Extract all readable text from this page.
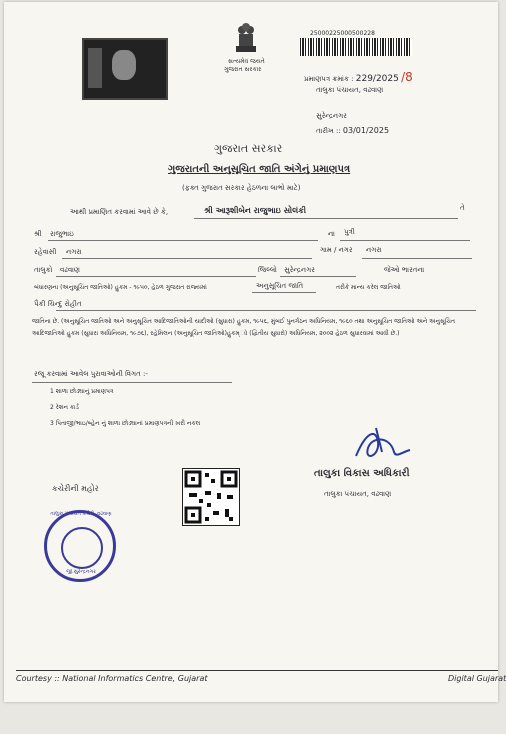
સત્યમેવ જયતે
ગુજરાત સરકાર
25000225000500228
પ્રમાણપત્ર ક્રમાંક : 229/2025 /8
તાલુકા પંચાયત, વઢવાણ
સુરેન્દ્રનગર
તારીખ :: 03/01/2025
ગુજરાત સરકાર
ગુજરાતની અનુસૂચિત જાતિ અંગેનું પ્રમાણપત્ર
(ફક્ત ગુજરાત સરકાર હેઠળના લાભો માટે)
આથી પ્રમાણિત કરવામાં આવે છે કે,	શ્રી આરૂશીબેન રાજુભાઇ સોલંકી	તે
શ્રી રાજુભાઇ	ના પુત્રી
રહેવાસી નગરા	ગામ / નગર નગરા
તાલુકો વઢવાણ	જિલ્લો સુરેન્દ્રનગર	જેઓ ભારતના
બંધારણના (અનુસૂચિત જાતિઓ) હુકમ - ૧૯૫૦, હેઠળ ગુજરાત રાજ્યમાં	અનુસૂચિત જાતિ	તરીકે માન્ય કરેલ જાતિઓ
પૈકી ચિન્દુ રોહીત
જાતિના છે. (અનુસૂચિત જાતિઓ અને અનુસૂચિત આદિજાતિઓની યાદીઓ (સુધારા) હુકમ, ૧૯૫૬, મુંબઈ પુનર્ગઠન અધિનિયમ, ૧૯૬૦ તથા અનુસૂચિત જાતિઓ અને અનુસૂચિત આદિજાતિઓ હુકમ (સુધારા અધિનિયમ, ૧૯૭૬), રહેમિલન (અનુસૂચિત જાતિઓ)હુકમ્ાો (દ્વિતીય સુધારો) અધિનિયમ, ૨૦૦૨ હેઠળ સુધારવામાં આવી છે.)
રજૂ કરવામાં આવેલ પુરાવાઓની વિગત :-
1 શાળા છોડ્યાનું પ્રમાણપત્ર
2 રેશન કાર્ડ
3 પિતાજી/ભાઇ/બ્હેન નું શાળા છોડ્યાનાં પ્રમાણપત્રની ખરી નકલ
તાલુકા વિકાસ અધિકારી
તાલુકા પંચાયત, વઢવાણ
કચેરીની મહોર
તાલુકા પંચાયત કચેરી, વઢવાણ
જી.સુરેન્દ્રનગર
Courtesy :: National Informatics Centre, Gujarat	Digital Gujarat
